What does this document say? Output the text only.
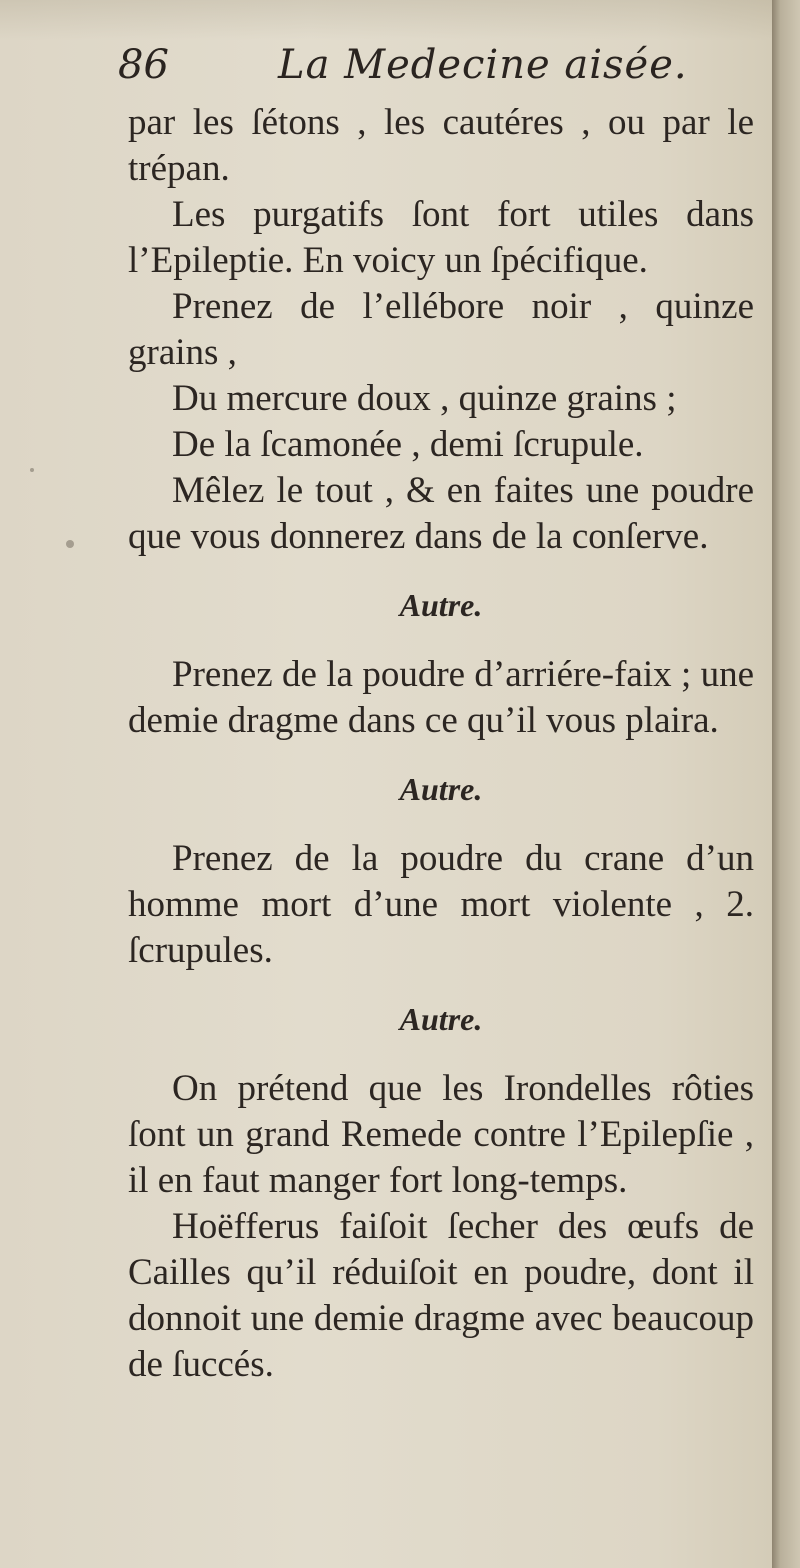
86	La Medecine aisée.

par les ſétons , les cautéres , ou par le trépan.

Les purgatifs ſont fort utiles dans l’Epileptie. En voicy un ſpécifique.

Prenez de l’ellébore noir , quinze grains ,

Du mercure doux , quinze grains ;

De la ſcamonée , demi ſcrupule.

Mêlez le tout , & en faites une poudre que vous donnerez dans de la conſerve.

Autre.

Prenez de la poudre d’arriére-faix ; une demie dragme dans ce qu’il vous plaira.

Autre.

Prenez de la poudre du crane d’un homme mort d’une mort violente , 2. ſcrupules.

Autre.

On prétend que les Irondelles rôties ſont un grand Remede contre l’Epilepſie , il en faut manger fort long-temps.

Hoëfferus faiſoit ſecher des œufs de Cailles qu’il réduiſoit en poudre, dont il donnoit une demie dragme avec beaucoup de ſuccés.
